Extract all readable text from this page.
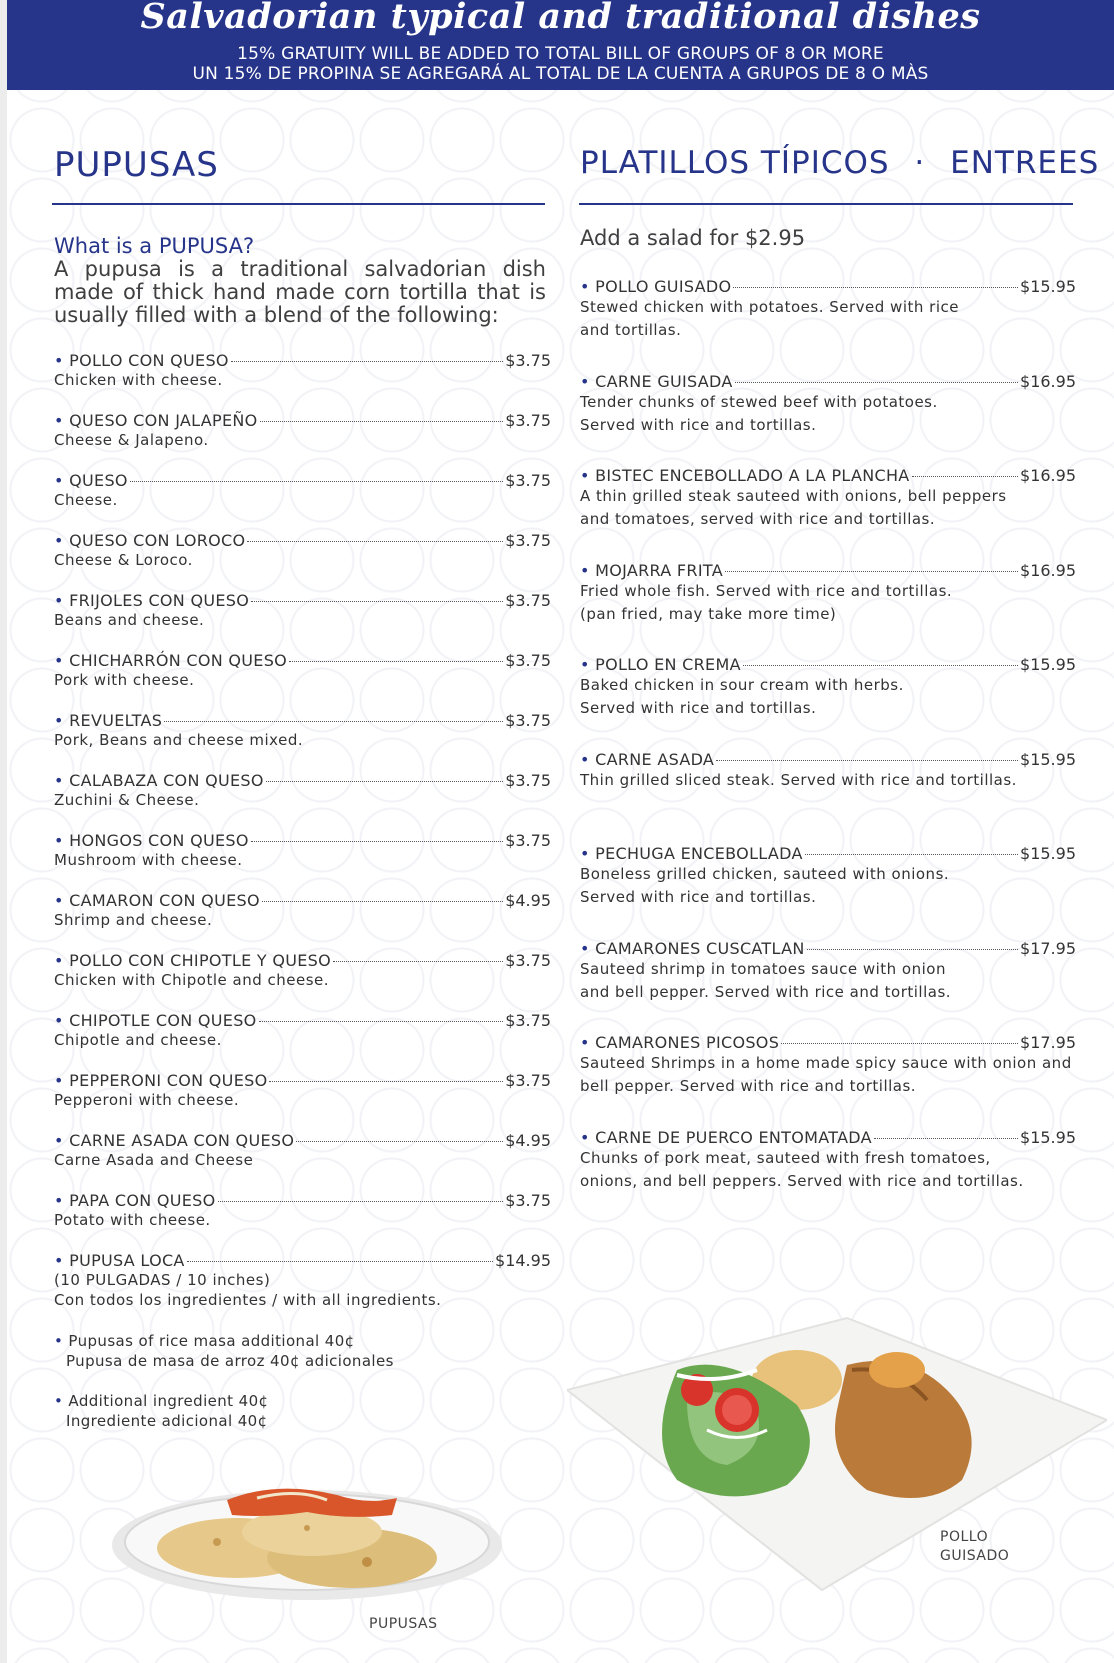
Salvadorian typical and traditional dishes
15% GRATUITY WILL BE ADDED TO TOTAL BILL OF GROUPS OF 8 OR MORE
UN 15% DE PROPINA SE AGREGARÁ AL TOTAL DE LA CUENTA A GRUPOS DE 8 O MÀS
PUPUSAS
What is a PUPUSA?
A pupusa is a traditional salvadorian dish
made of thick hand made corn tortilla that is
usually filled with a blend of the following:
• POLLO CON QUESO	$3.75
Chicken with cheese.
• QUESO CON JALAPEÑO	$3.75
Cheese & Jalapeno.
• QUESO	$3.75
Cheese.
• QUESO CON LOROCO	$3.75
Cheese & Loroco.
• FRIJOLES CON QUESO	$3.75
Beans and cheese.
• CHICHARRÓN CON QUESO	$3.75
Pork with cheese.
• REVUELTAS	$3.75
Pork, Beans and cheese mixed.
• CALABAZA CON QUESO	$3.75
Zuchini & Cheese.
• HONGOS CON QUESO	$3.75
Mushroom with cheese.
• CAMARON CON QUESO	$4.95
Shrimp and cheese.
• POLLO CON CHIPOTLE Y QUESO	$3.75
Chicken with Chipotle and cheese.
• CHIPOTLE CON QUESO	$3.75
Chipotle and cheese.
• PEPPERONI CON QUESO	$3.75
Pepperoni with cheese.
• CARNE ASADA CON QUESO	$4.95
Carne Asada and Cheese
• PAPA CON QUESO	$3.75
Potato with cheese.
• PUPUSA LOCA	$14.95
(10 PULGADAS / 10 inches)
Con todos los ingredientes / with all ingredients.
• Pupusas of rice masa additional 40¢
Pupusa de masa de arroz 40¢ adicionales
• Additional ingredient 40¢
Ingrediente adicional 40¢
PUPUSAS
PLATILLOS TÍPICOS · ENTREES
Add a salad for $2.95
• POLLO GUISADO	$15.95
Stewed chicken with potatoes. Served with rice
and tortillas.
• CARNE GUISADA	$16.95
Tender chunks of stewed beef with potatoes.
Served with rice and tortillas.
• BISTEC ENCEBOLLADO A LA PLANCHA	$16.95
A thin grilled steak sauteed with onions, bell peppers
and tomatoes, served with rice and tortillas.
• MOJARRA FRITA	$16.95
Fried whole fish. Served with rice and tortillas.
(pan fried, may take more time)
• POLLO EN CREMA	$15.95
Baked chicken in sour cream with herbs.
Served with rice and tortillas.
• CARNE ASADA	$15.95
Thin grilled sliced steak. Served with rice and tortillas.
• PECHUGA ENCEBOLLADA	$15.95
Boneless grilled chicken, sauteed with onions.
Served with rice and tortillas.
• CAMARONES CUSCATLAN	$17.95
Sauteed shrimp in tomatoes sauce with onion
and bell pepper. Served with rice and tortillas.
• CAMARONES PICOSOS	$17.95
Sauteed Shrimps in a home made spicy sauce with onion and
bell pepper. Served with rice and tortillas.
• CARNE DE PUERCO ENTOMATADA	$15.95
Chunks of pork meat, sauteed with fresh tomatoes,
onions, and bell peppers. Served with rice and tortillas.
POLLO
GUISADO
